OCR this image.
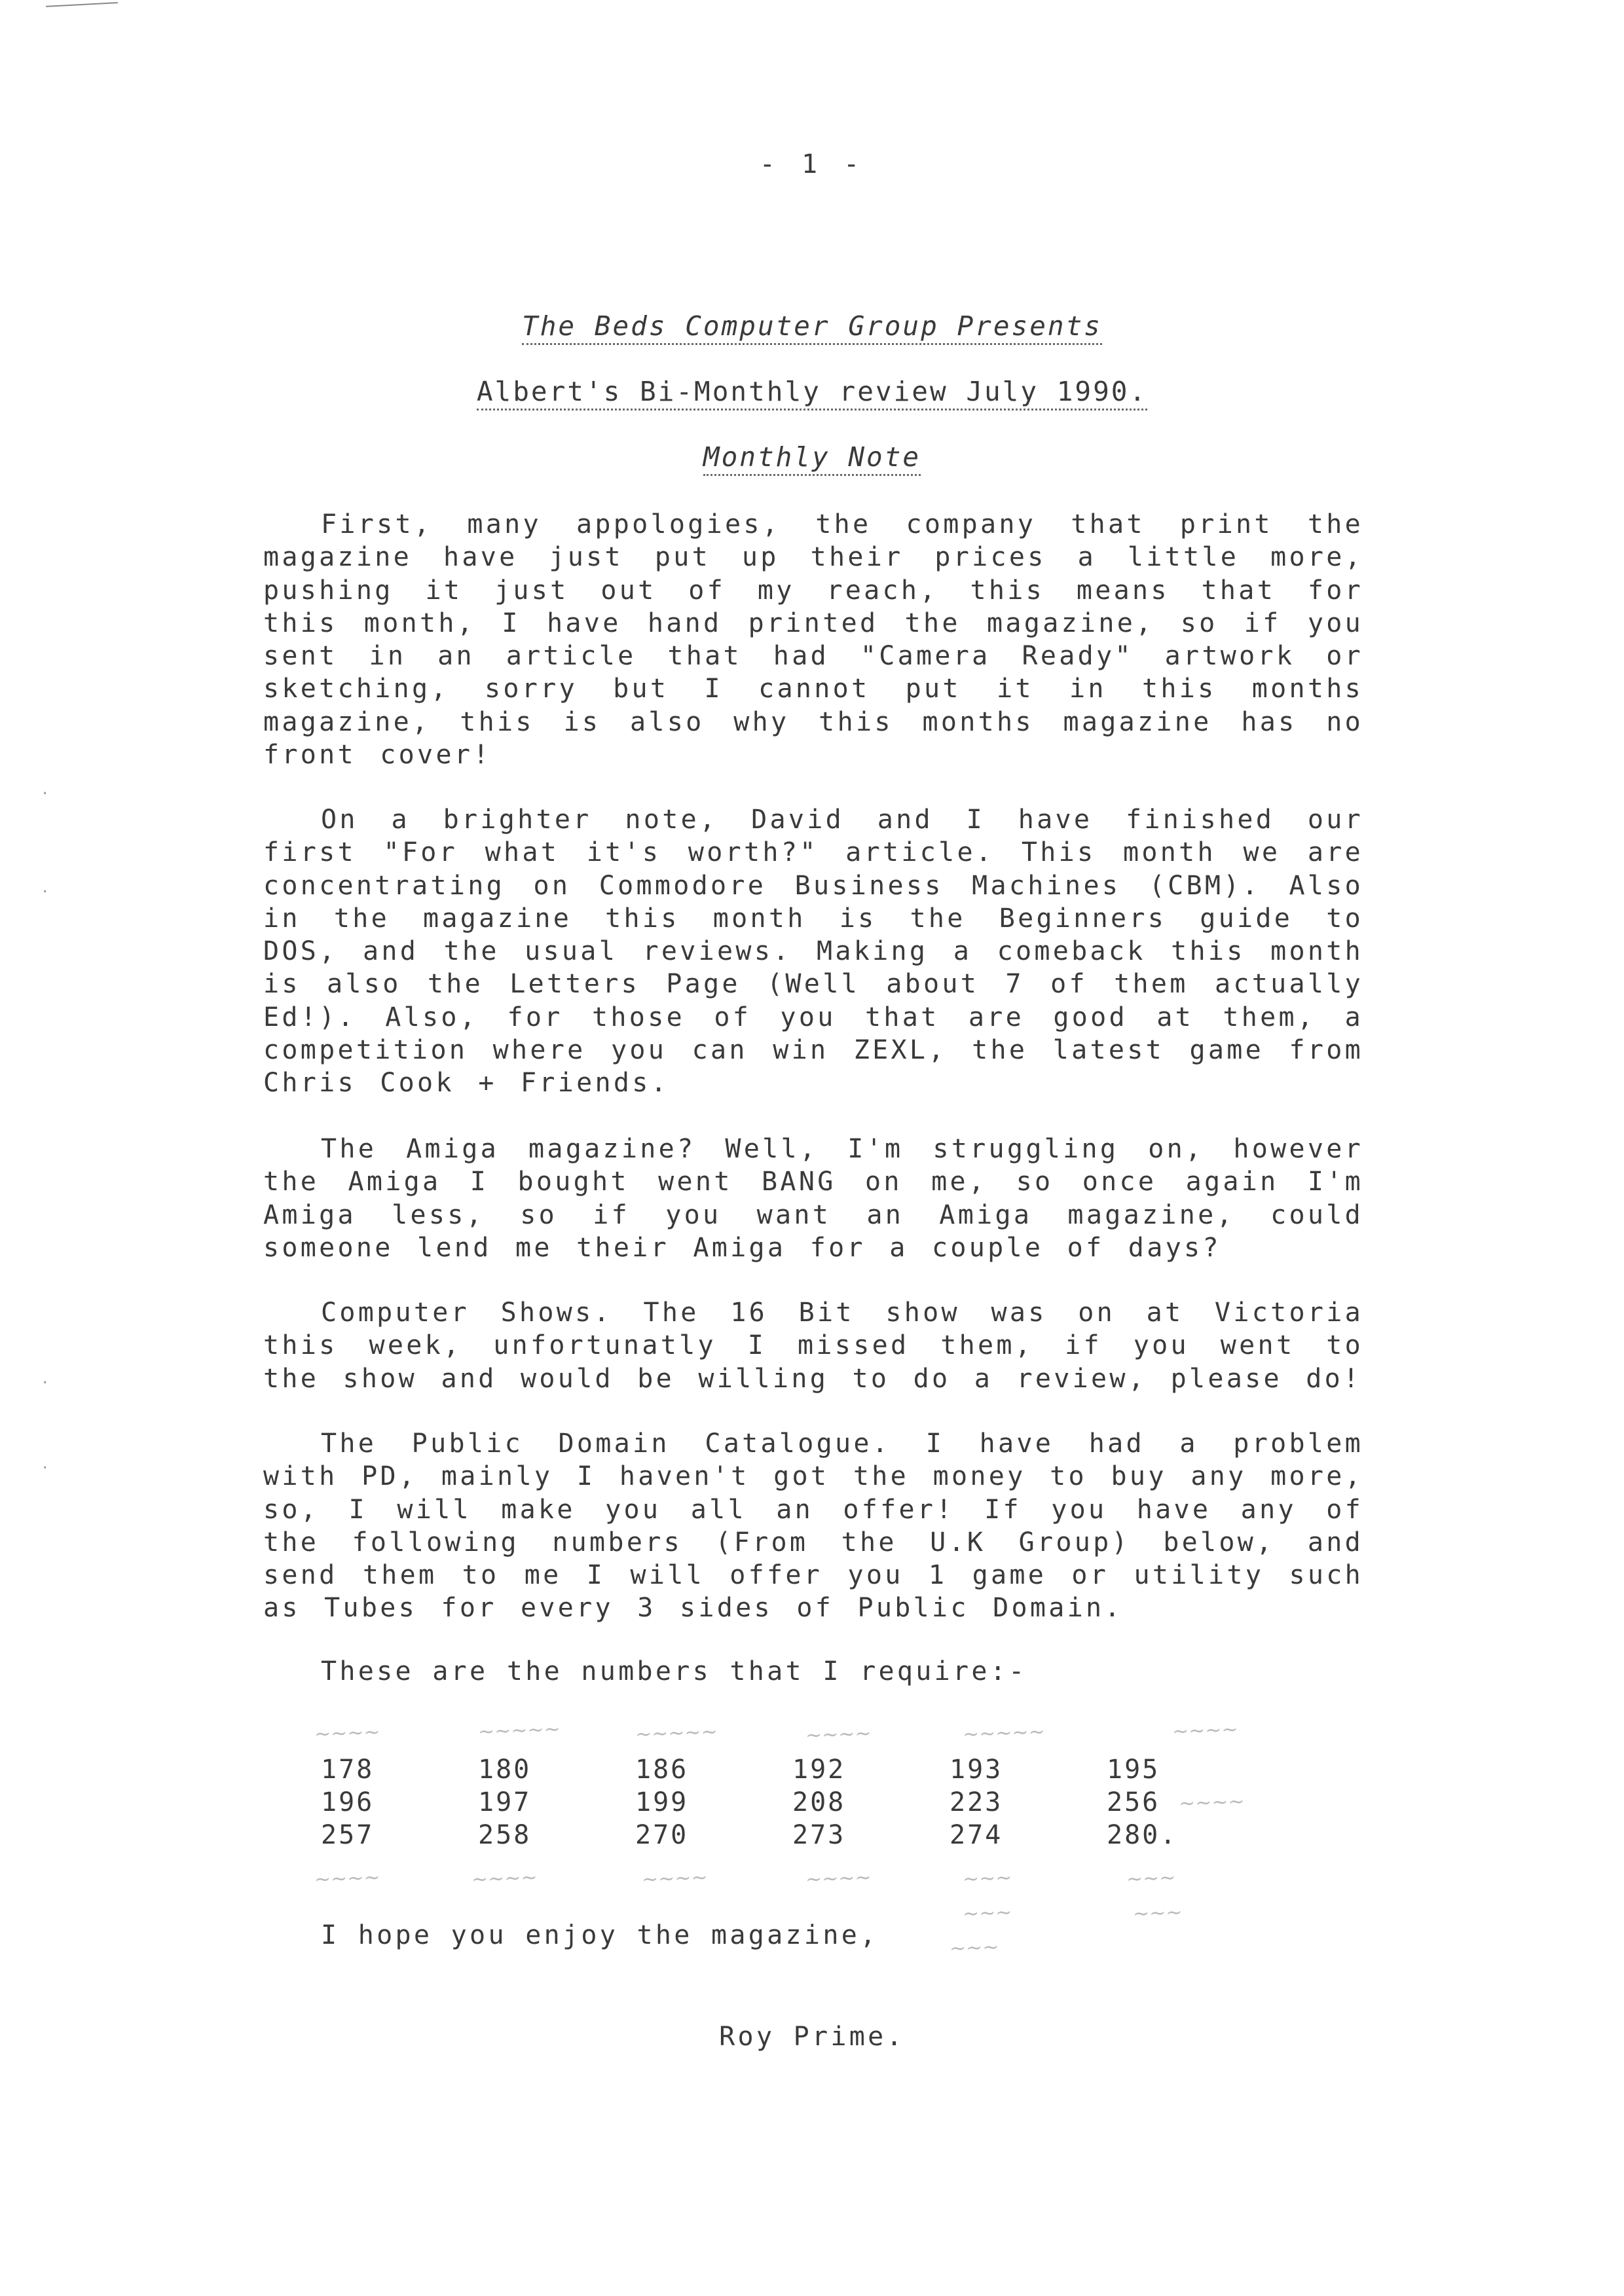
- 1 -
The Beds Computer Group Presents
Albert's Bi-Monthly review July 1990.
Monthly Note

First, many appologies, the company that print the magazine have just put up their prices a little more, pushing it just out of my reach, this means that for this month, I have hand printed the magazine, so if you sent in an article that had "Camera Ready" artwork or sketching, sorry but I cannot put it in this months magazine, this is also why this months magazine has no front cover!

On a brighter note, David and I have finished our first "For what it's worth?" article. This month we are concentrating on Commodore Business Machines (CBM). Also in the magazine this month is the Beginners guide to DOS, and the usual reviews. Making a comeback this month is also the Letters Page (Well about 7 of them actually Ed!). Also, for those of you that are good at them, a competition where you can win ZEXL, the latest game from Chris Cook + Friends.

The Amiga magazine? Well, I'm struggling on, however the Amiga I bought went BANG on me, so once again I'm Amiga less, so if you want an Amiga magazine, could someone lend me their Amiga for a couple of days?

Computer Shows. The 16 Bit show was on at Victoria this week, unfortunatly I missed them, if you went to the show and would be willing to do a review, please do!

The Public Domain Catalogue. I have had a problem with PD, mainly I haven't got the money to buy any more, so, I will make you all an offer! If you have any of the following numbers (From the U.K Group) below, and send them to me I will offer you 1 game or utility such as Tubes for every 3 sides of Public Domain.

These are the numbers that I require:-
~~~~	~~~~~	~~~~~	~~~~	~~~~~	~~~~
~~~~
~~~~	~~~~	~~~~	~~~~	~~~	~~~
~~~	~~~
~~~
178	180	186	192	193	195
196	197	199	208	223	256
257	258	270	273	274	280.
I hope you enjoy the magazine,
Roy Prime.
·
·
·
·
